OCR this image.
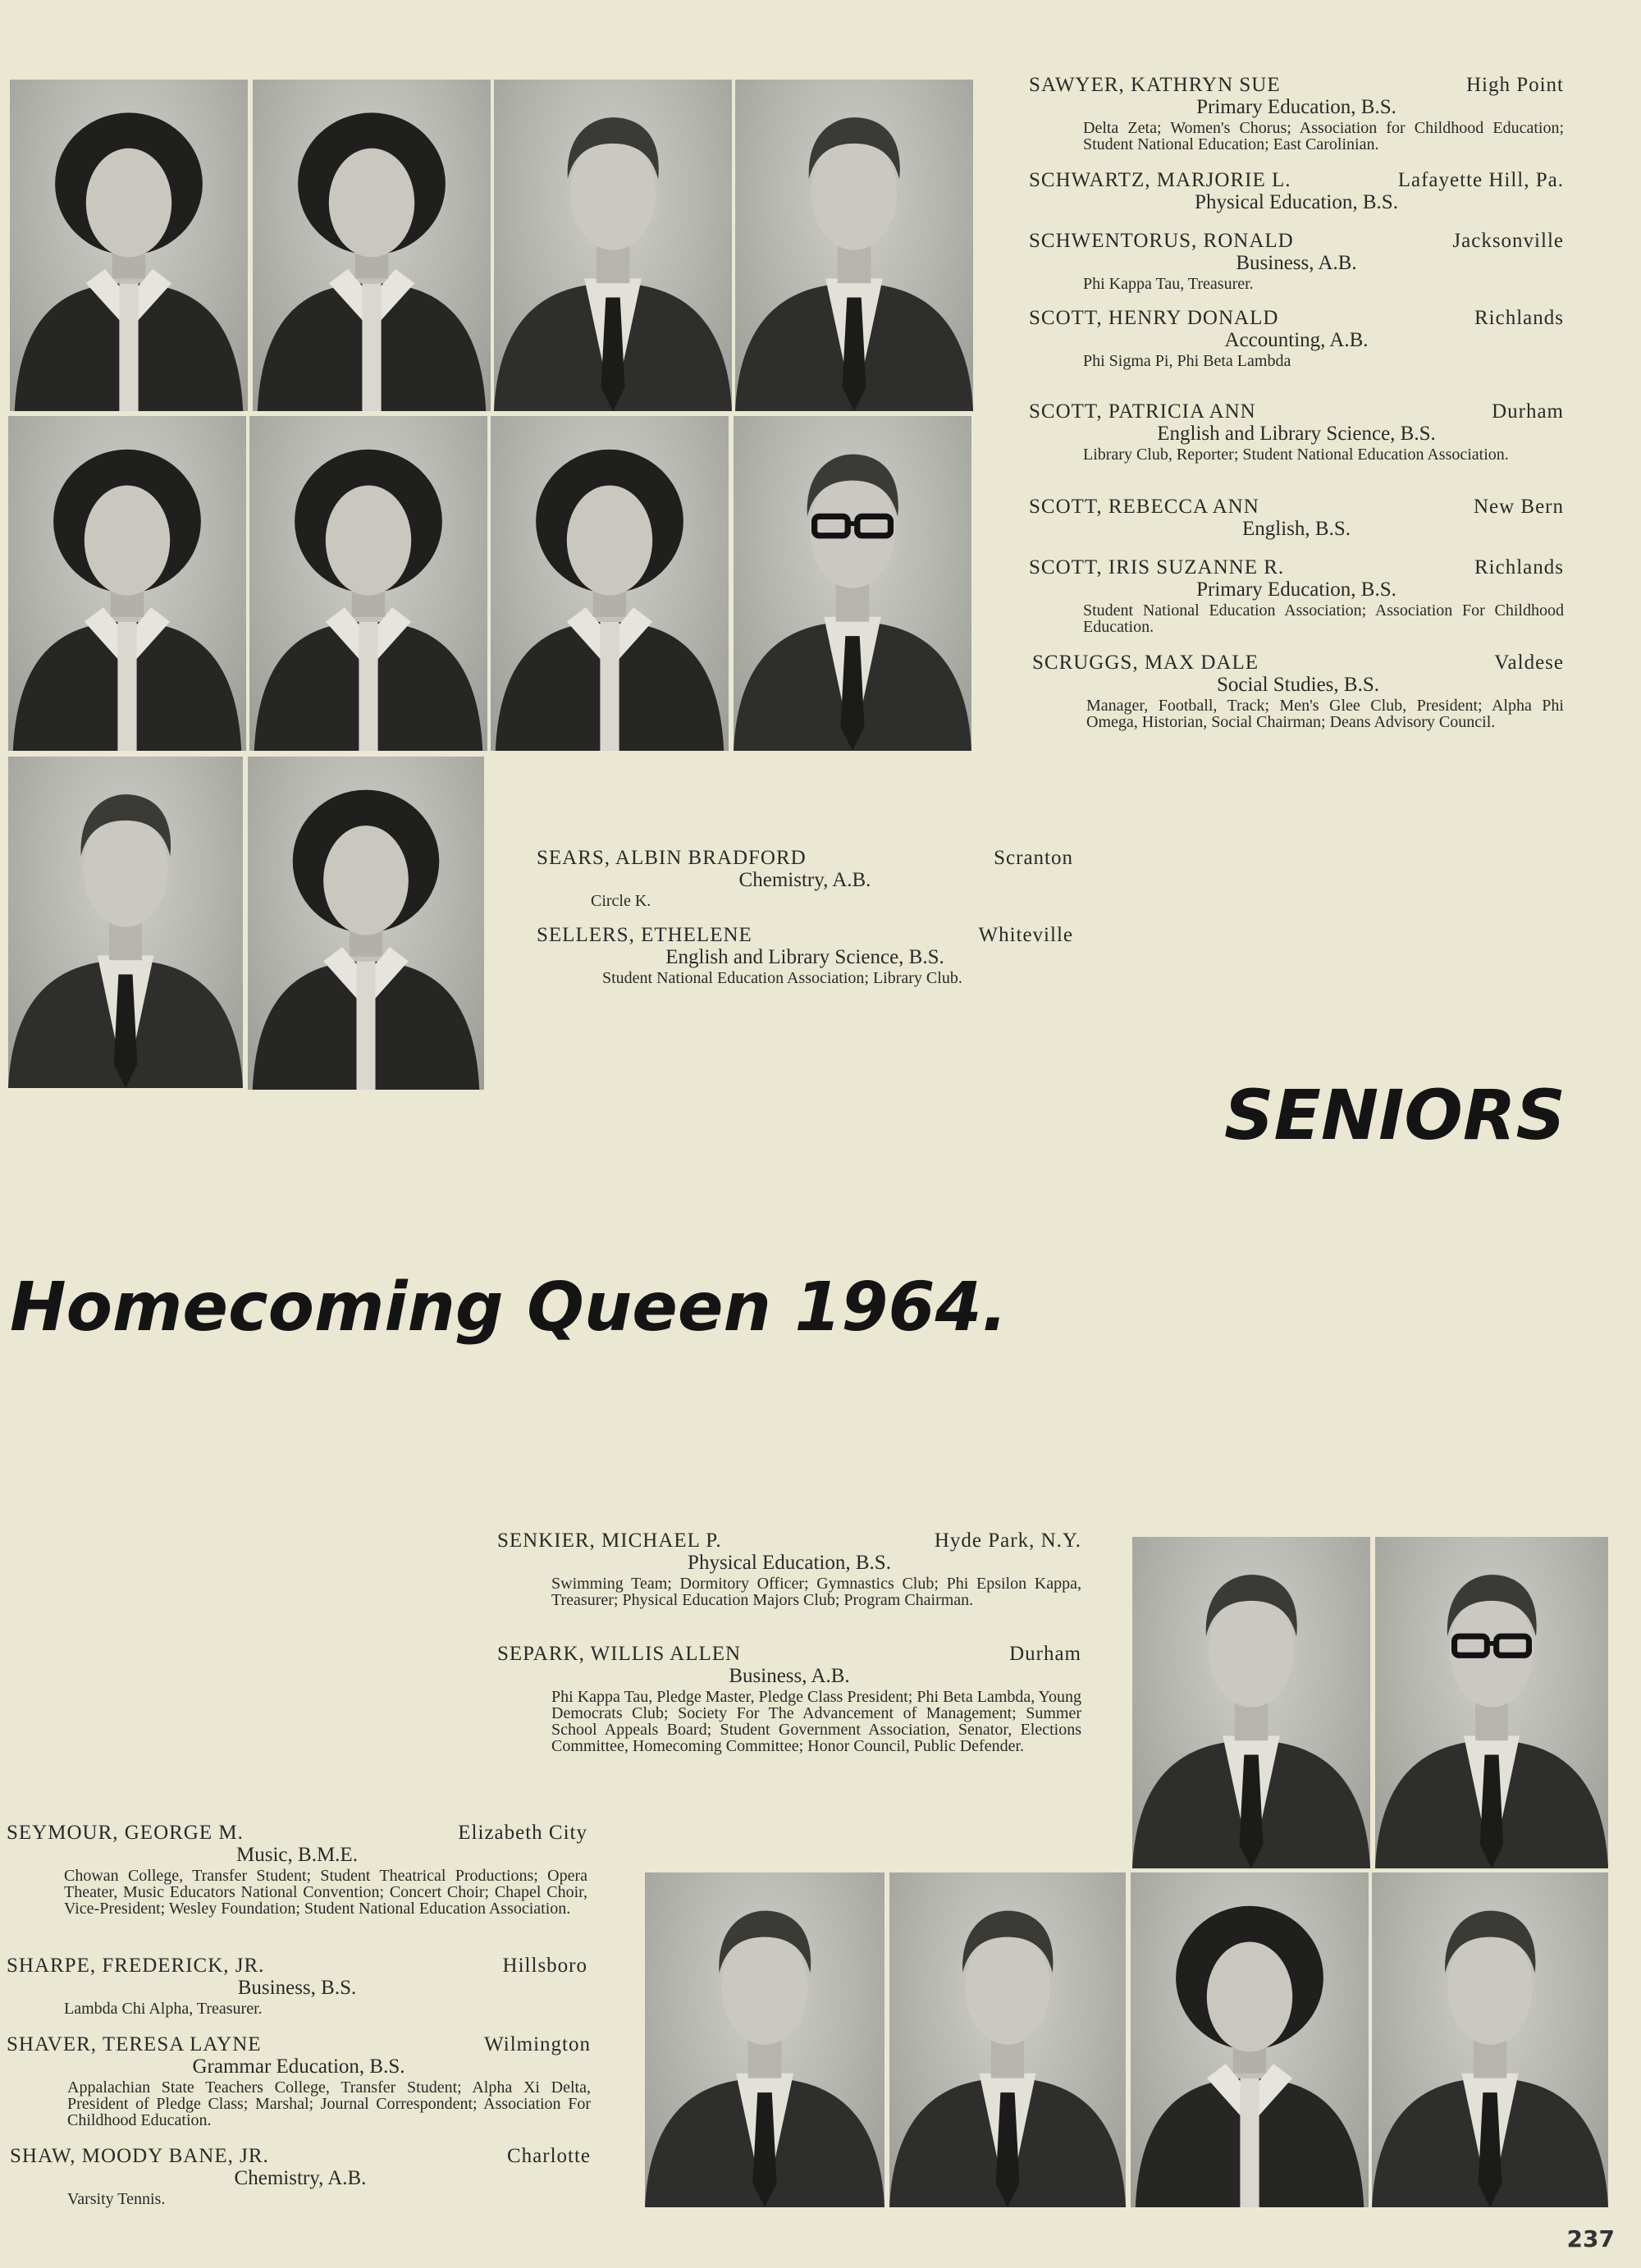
SAWYER, KATHRYN SUE	High Point
Primary Education, B.S.
Delta Zeta; Women's Chorus; Association for Childhood Education; Student National Education; East Carolinian.
SCHWARTZ, MARJORIE L.	Lafayette Hill, Pa.
Physical Education, B.S.
SCHWENTORUS, RONALD	Jacksonville
Business, A.B.
Phi Kappa Tau, Treasurer.
SCOTT, HENRY DONALD	Richlands
Accounting, A.B.
Phi Sigma Pi, Phi Beta Lambda
SCOTT, PATRICIA ANN	Durham
English and Library Science, B.S.
Library Club, Reporter; Student National Education Association.
SCOTT, REBECCA ANN	New Bern
English, B.S.
SCOTT, IRIS SUZANNE R.	Richlands
Primary Education, B.S.
Student National Education Association; Association For Childhood Education.
SCRUGGS, MAX DALE	Valdese
Social Studies, B.S.
Manager, Football, Track; Men's Glee Club, President; Alpha Phi Omega, Historian, Social Chairman; Deans Advisory Council.
SEARS, ALBIN BRADFORD	Scranton
Chemistry, A.B.
Circle K.
SELLERS, ETHELENE	Whiteville
English and Library Science, B.S.
Student National Education Association; Library Club.
SENIORS
Homecoming Queen 1964.
SENKIER, MICHAEL P.	Hyde Park, N.Y.
Physical Education, B.S.
Swimming Team; Dormitory Officer; Gymnastics Club; Phi Epsilon Kappa, Treasurer; Physical Education Majors Club; Program Chairman.
SEPARK, WILLIS ALLEN	Durham
Business, A.B.
Phi Kappa Tau, Pledge Master, Pledge Class President; Phi Beta Lambda, Young Democrats Club; Society For The Advancement of Management; Summer School Appeals Board; Student Government Association, Senator, Elections Committee, Homecoming Committee; Honor Council, Public Defender.
SEYMOUR, GEORGE M.	Elizabeth City
Music, B.M.E.
Chowan College, Transfer Student; Student Theatrical Productions; Opera Theater, Music Educators National Convention; Concert Choir; Chapel Choir, Vice-President; Wesley Foundation; Student National Education Association.
SHARPE, FREDERICK, JR.	Hillsboro
Business, B.S.
Lambda Chi Alpha, Treasurer.
SHAVER, TERESA LAYNE	Wilmington
Grammar Education, B.S.
Appalachian State Teachers College, Transfer Student; Alpha Xi Delta, President of Pledge Class; Marshal; Journal Correspondent; Association For Childhood Education.
SHAW, MOODY BANE, JR.	Charlotte
Chemistry, A.B.
Varsity Tennis.
237
